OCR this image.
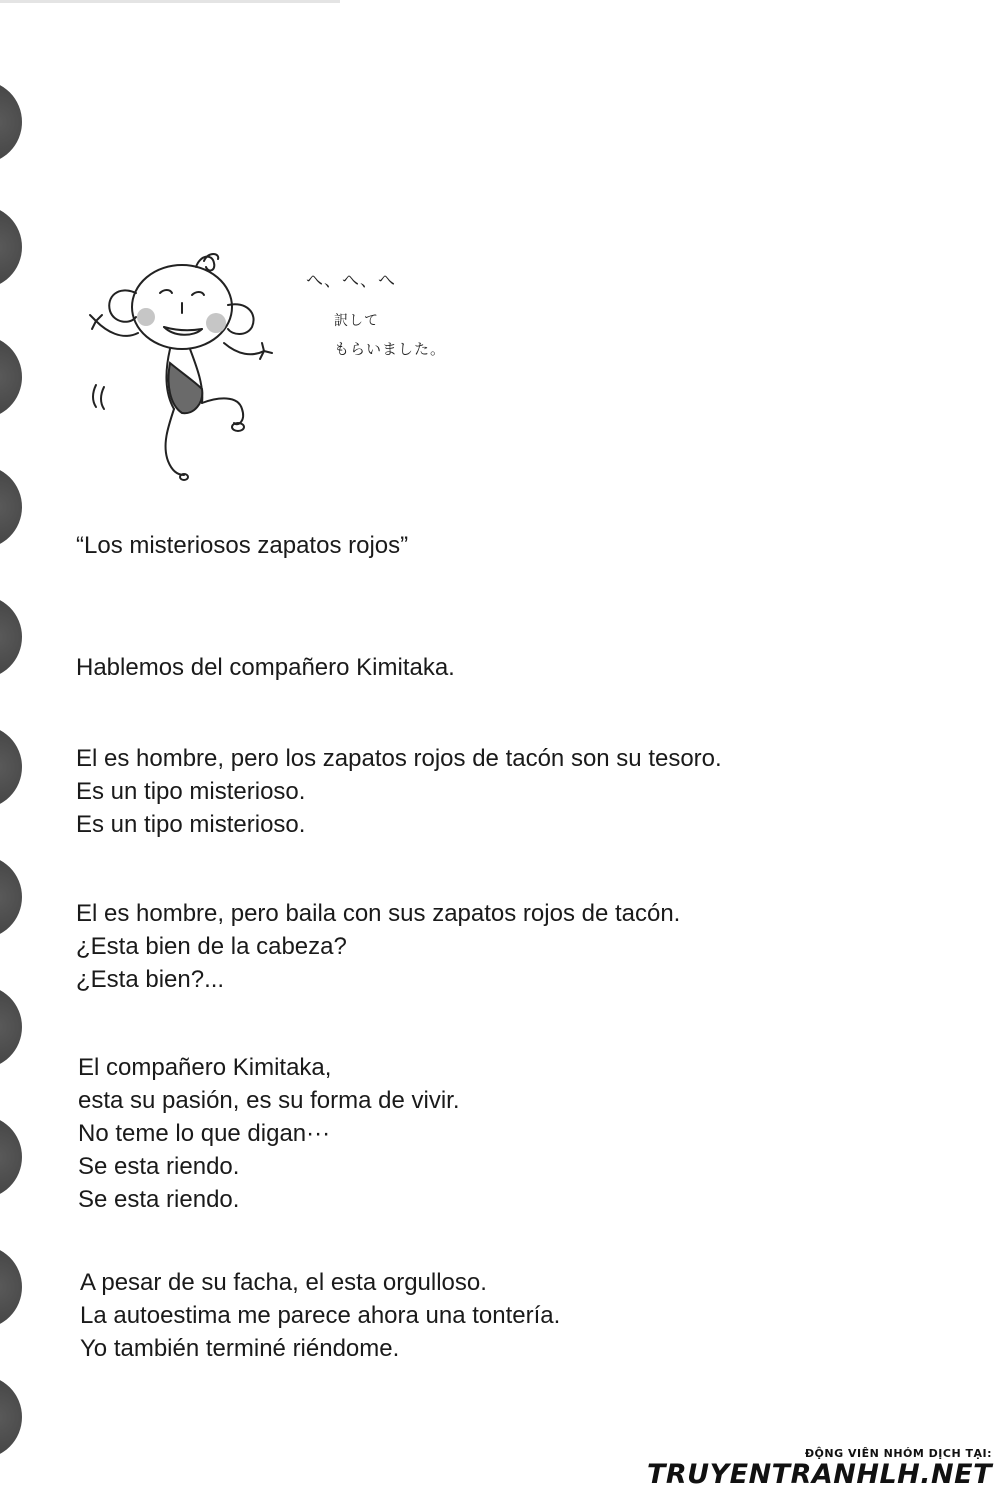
へ、へ、へ
訳して
もらいました。
“Los misteriosos zapatos rojos”
Hablemos del compañero Kimitaka.
El es hombre, pero los zapatos rojos de tacón son su tesoro.
Es un tipo misterioso.
Es un tipo misterioso.
El es hombre, pero baila con sus zapatos rojos de tacón.
¿Esta bien de la cabeza?
¿Esta bien?...
El compañero Kimitaka,
esta su pasión, es su forma de vivir.
No teme lo que digan···
Se esta riendo.
Se esta riendo.
A pesar de su facha, el esta orgulloso.
La autoestima me parece ahora una tontería.
Yo también terminé riéndome.
ĐỘNG VIÊN NHÓM DỊCH TẠI:
TRUYENTRANHLH.NET
